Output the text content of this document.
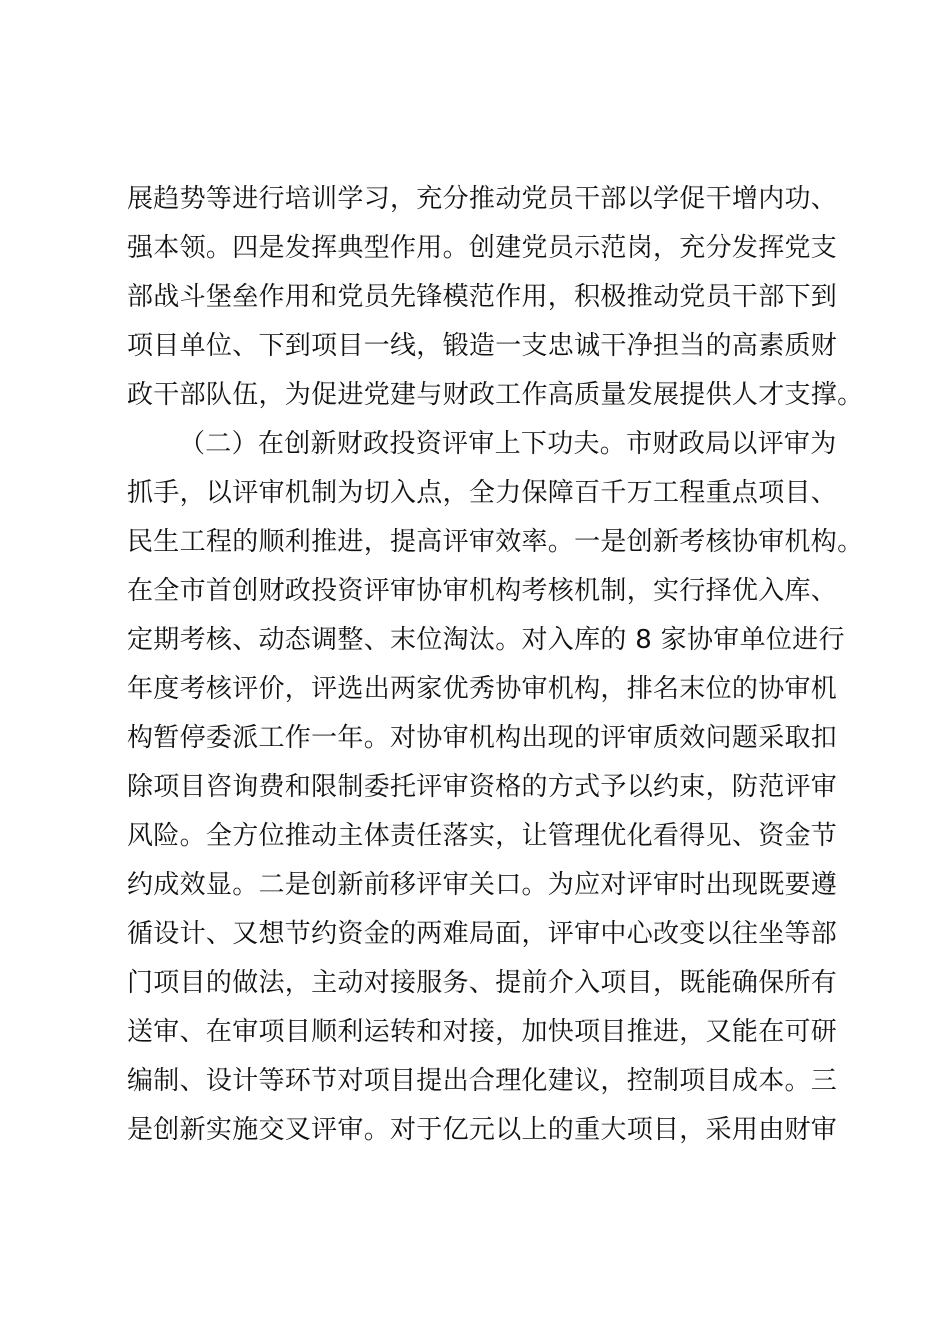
展趋势等进行培训学习，充分推动党员干部以学促干增内功、
强本领。四是发挥典型作用。创建党员示范岗，充分发挥党支
部战斗堡垒作用和党员先锋模范作用，积极推动党员干部下到
项目单位、下到项目一线，锻造一支忠诚干净担当的高素质财
政干部队伍，为促进党建与财政工作高质量发展提供人才支撑。
（二）在创新财政投资评审上下功夫。市财政局以评审为
抓手，以评审机制为切入点，全力保障百千万工程重点项目、
民生工程的顺利推进，提高评审效率。一是创新考核协审机构。
在全市首创财政投资评审协审机构考核机制，实行择优入库、
定期考核、动态调整、末位淘汰。对入库的 8 家协审单位进行
年度考核评价，评选出两家优秀协审机构，排名末位的协审机
构暂停委派工作一年。对协审机构出现的评审质效问题采取扣
除项目咨询费和限制委托评审资格的方式予以约束，防范评审
风险。全方位推动主体责任落实，让管理优化看得见、资金节
约成效显。二是创新前移评审关口。为应对评审时出现既要遵
循设计、又想节约资金的两难局面，评审中心改变以往坐等部
门项目的做法，主动对接服务、提前介入项目，既能确保所有
送审、在审项目顺利运转和对接，加快项目推进，又能在可研
编制、设计等环节对项目提出合理化建议，控制项目成本。三
是创新实施交叉评审。对于亿元以上的重大项目，采用由财审
